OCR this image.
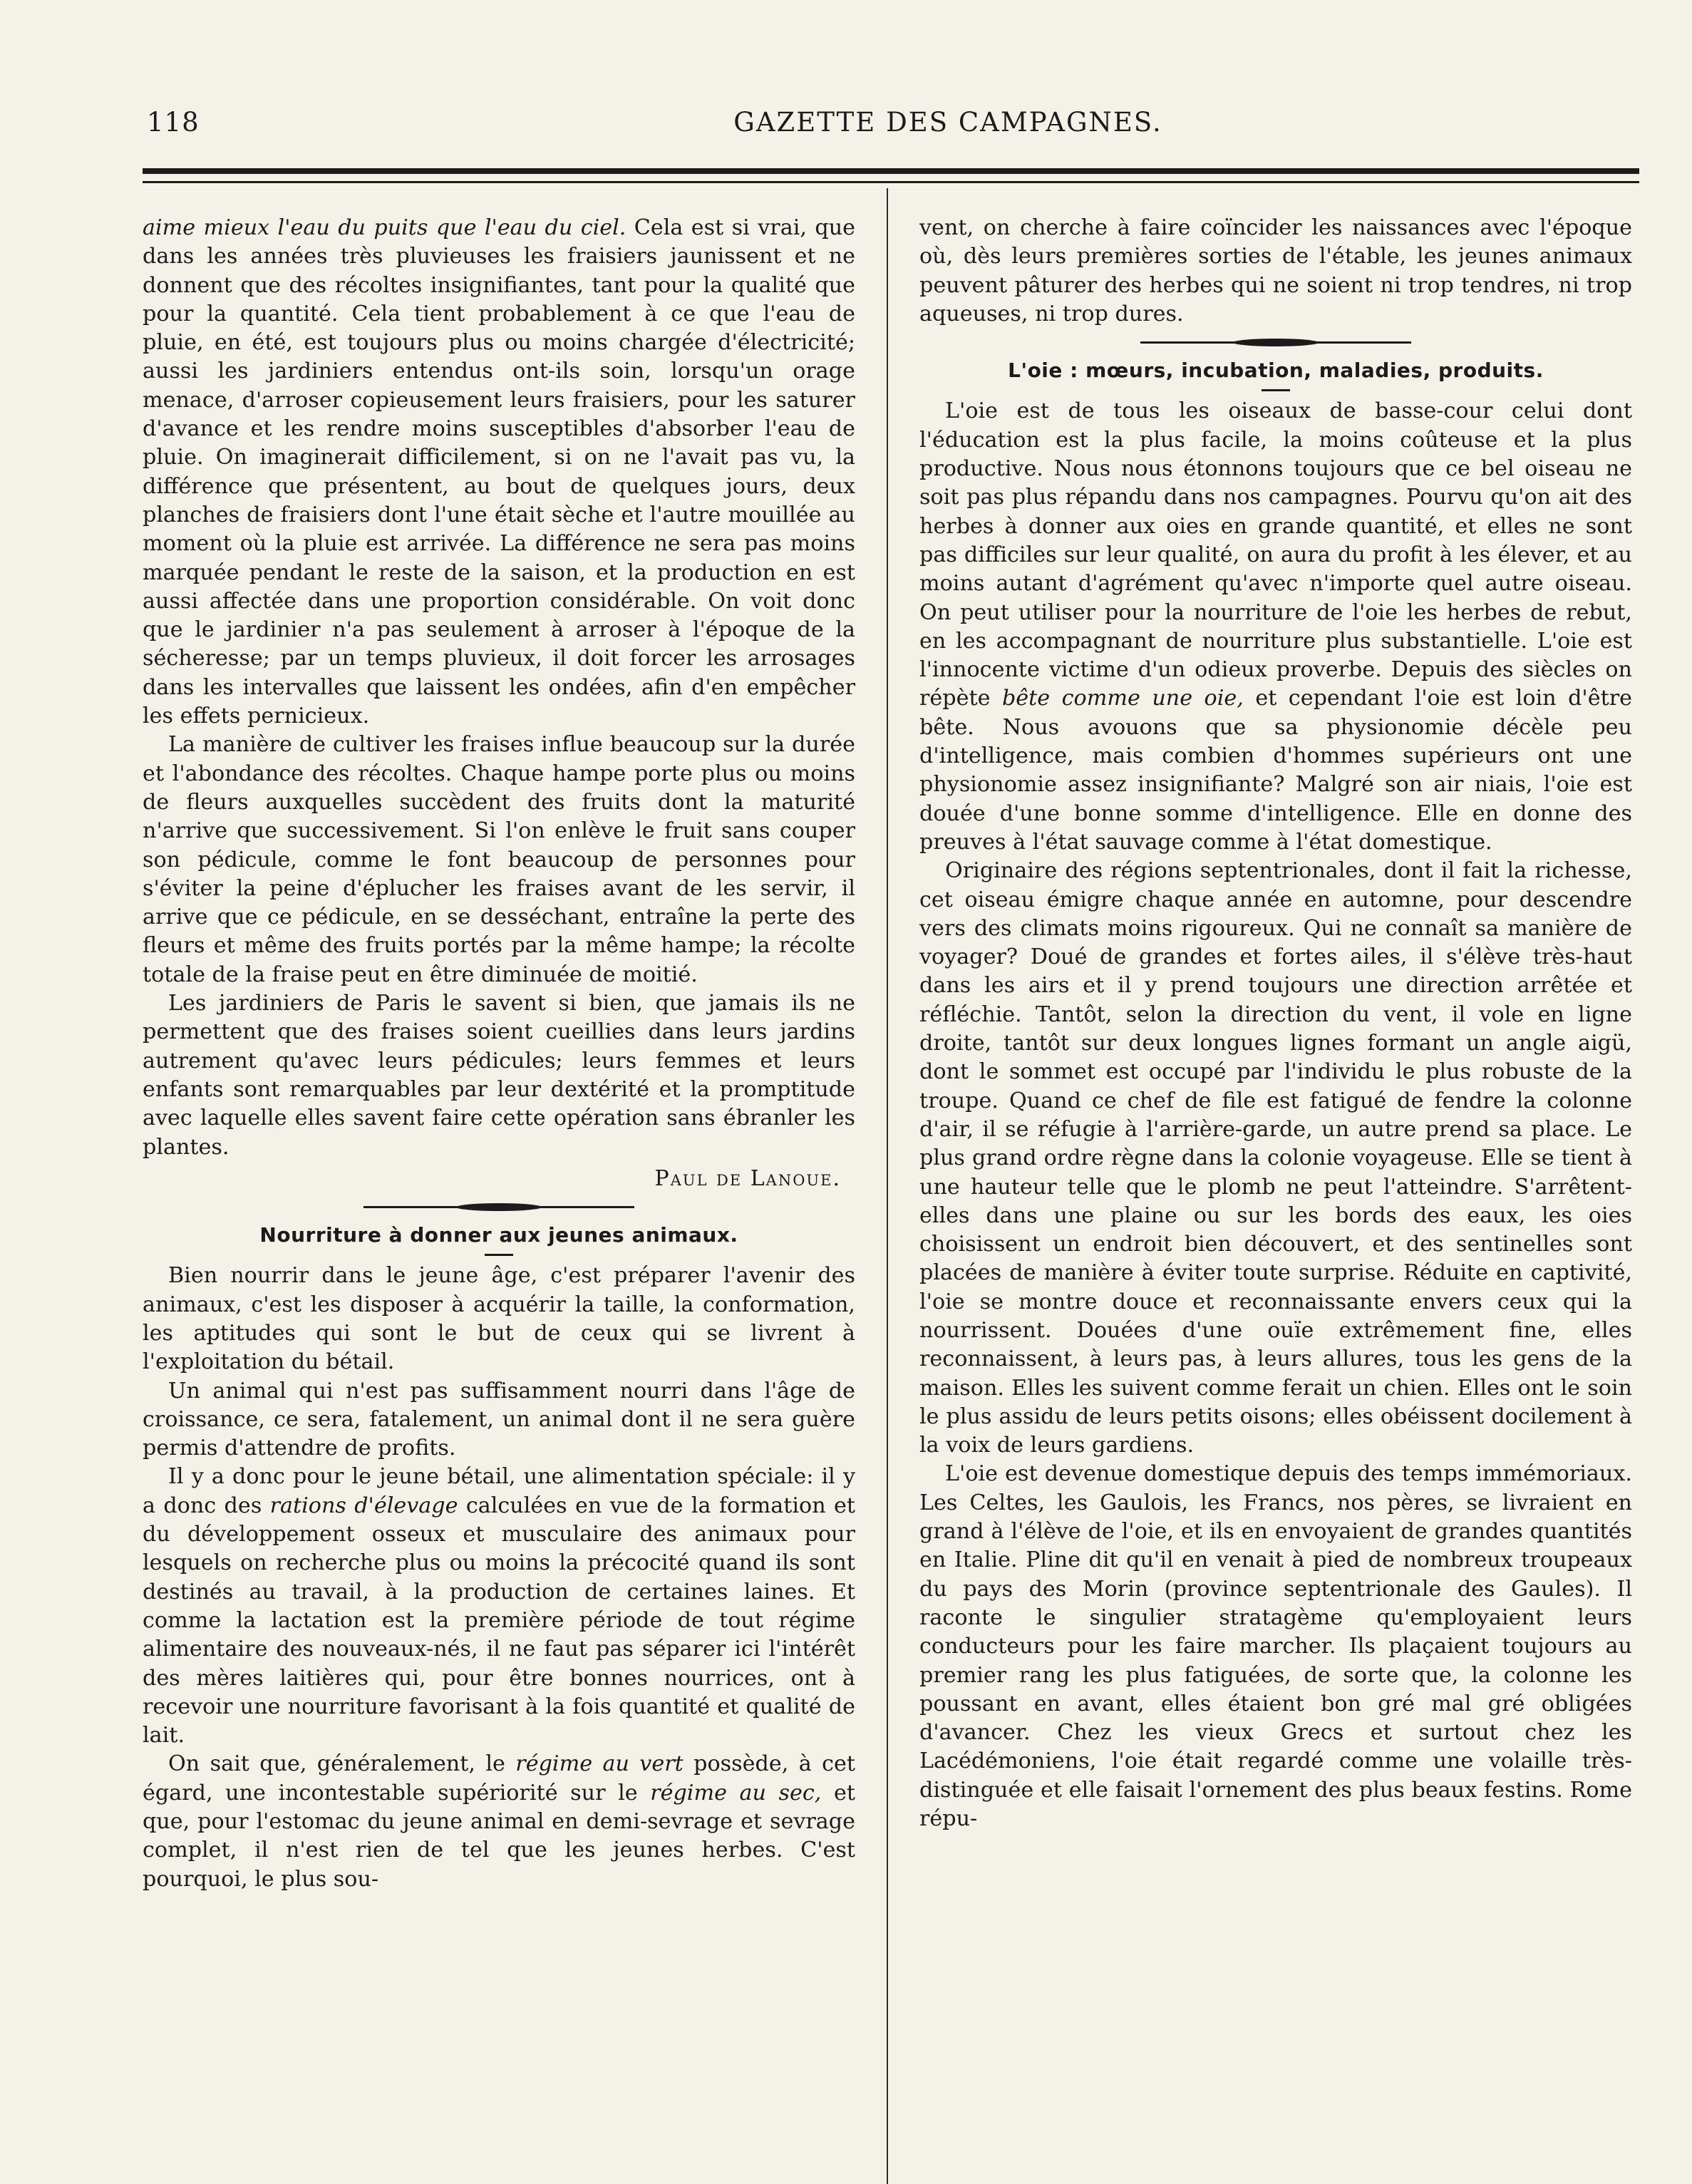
118	GAZETTE DES CAMPAGNES.

aime mieux l'eau du puits que l'eau du ciel. Cela est si vrai, que dans les années très pluvieuses les fraisiers jaunissent et ne donnent que des récoltes insignifiantes, tant pour la qualité que pour la quantité. Cela tient probablement à ce que l'eau de pluie, en été, est toujours plus ou moins chargée d'électricité; aussi les jardiniers entendus ont-ils soin, lorsqu'un orage menace, d'arroser copieusement leurs fraisiers, pour les saturer d'avance et les rendre moins susceptibles d'absorber l'eau de pluie. On imaginerait difficilement, si on ne l'avait pas vu, la différence que présentent, au bout de quelques jours, deux planches de fraisiers dont l'une était sèche et l'autre mouillée au moment où la pluie est arrivée. La différence ne sera pas moins marquée pendant le reste de la saison, et la production en est aussi affectée dans une proportion considérable. On voit donc que le jardinier n'a pas seulement à arroser à l'époque de la sécheresse; par un temps pluvieux, il doit forcer les arrosages dans les intervalles que laissent les ondées, afin d'en empêcher les effets pernicieux.

La manière de cultiver les fraises influe beaucoup sur la durée et l'abondance des récoltes. Chaque hampe porte plus ou moins de fleurs auxquelles succèdent des fruits dont la maturité n'arrive que successivement. Si l'on enlève le fruit sans couper son pédicule, comme le font beaucoup de personnes pour s'éviter la peine d'éplucher les fraises avant de les servir, il arrive que ce pédicule, en se desséchant, entraîne la perte des fleurs et même des fruits portés par la même hampe; la récolte totale de la fraise peut en être diminuée de moitié.

Les jardiniers de Paris le savent si bien, que jamais ils ne permettent que des fraises soient cueillies dans leurs jardins autrement qu'avec leurs pédicules; leurs femmes et leurs enfants sont remarquables par leur dextérité et la promptitude avec laquelle elles savent faire cette opération sans ébranler les plantes.

Paul de Lanoue.
Nourriture à donner aux jeunes animaux.

Bien nourrir dans le jeune âge, c'est préparer l'avenir des animaux, c'est les disposer à acquérir la taille, la conformation, les aptitudes qui sont le but de ceux qui se livrent à l'exploitation du bétail.

Un animal qui n'est pas suffisamment nourri dans l'âge de croissance, ce sera, fatalement, un animal dont il ne sera guère permis d'attendre de profits.

Il y a donc pour le jeune bétail, une alimentation spéciale: il y a donc des rations d'élevage calculées en vue de la formation et du développement osseux et musculaire des animaux pour lesquels on recherche plus ou moins la précocité quand ils sont destinés au travail, à la production de certaines laines. Et comme la lactation est la première période de tout régime alimentaire des nouveaux-nés, il ne faut pas séparer ici l'intérêt des mères laitières qui, pour être bonnes nourrices, ont à recevoir une nourriture favorisant à la fois quantité et qualité de lait.

On sait que, généralement, le régime au vert possède, à cet égard, une incontestable supériorité sur le régime au sec, et que, pour l'estomac du jeune animal en demi-sevrage et sevrage complet, il n'est rien de tel que les jeunes herbes. C'est pourquoi, le plus sou-

vent, on cherche à faire coïncider les naissances avec l'époque où, dès leurs premières sorties de l'étable, les jeunes animaux peuvent pâturer des herbes qui ne soient ni trop tendres, ni trop aqueuses, ni trop dures.

L'oie : mœurs, incubation, maladies, produits.

L'oie est de tous les oiseaux de basse-cour celui dont l'éducation est la plus facile, la moins coûteuse et la plus productive. Nous nous étonnons toujours que ce bel oiseau ne soit pas plus répandu dans nos campagnes. Pourvu qu'on ait des herbes à donner aux oies en grande quantité, et elles ne sont pas difficiles sur leur qualité, on aura du profit à les élever, et au moins autant d'agrément qu'avec n'importe quel autre oiseau. On peut utiliser pour la nourriture de l'oie les herbes de rebut, en les accompagnant de nourriture plus substantielle. L'oie est l'innocente victime d'un odieux proverbe. Depuis des siècles on répète bête comme une oie, et cependant l'oie est loin d'être bête. Nous avouons que sa physionomie décèle peu d'intelligence, mais combien d'hommes supérieurs ont une physionomie assez insignifiante? Malgré son air niais, l'oie est douée d'une bonne somme d'intelligence. Elle en donne des preuves à l'état sauvage comme à l'état domestique.

Originaire des régions septentrionales, dont il fait la richesse, cet oiseau émigre chaque année en automne, pour descendre vers des climats moins rigoureux. Qui ne connaît sa manière de voyager? Doué de grandes et fortes ailes, il s'élève très-haut dans les airs et il y prend toujours une direction arrêtée et réfléchie. Tantôt, selon la direction du vent, il vole en ligne droite, tantôt sur deux longues lignes formant un angle aigü, dont le sommet est occupé par l'individu le plus robuste de la troupe. Quand ce chef de file est fatigué de fendre la colonne d'air, il se réfugie à l'arrière-garde, un autre prend sa place. Le plus grand ordre règne dans la colonie voyageuse. Elle se tient à une hauteur telle que le plomb ne peut l'atteindre. S'arrêtent-elles dans une plaine ou sur les bords des eaux, les oies choisissent un endroit bien découvert, et des sentinelles sont placées de manière à éviter toute surprise. Réduite en captivité, l'oie se montre douce et reconnaissante envers ceux qui la nourrissent. Douées d'une ouïe extrêmement fine, elles reconnaissent, à leurs pas, à leurs allures, tous les gens de la maison. Elles les suivent comme ferait un chien. Elles ont le soin le plus assidu de leurs petits oisons; elles obéissent docilement à la voix de leurs gardiens.

L'oie est devenue domestique depuis des temps immémoriaux. Les Celtes, les Gaulois, les Francs, nos pères, se livraient en grand à l'élève de l'oie, et ils en envoyaient de grandes quantités en Italie. Pline dit qu'il en venait à pied de nombreux troupeaux du pays des Morin (province septentrionale des Gaules). Il raconte le singulier stratagème qu'employaient leurs conducteurs pour les faire marcher. Ils plaçaient toujours au premier rang les plus fatiguées, de sorte que, la colonne les poussant en avant, elles étaient bon gré mal gré obligées d'avancer. Chez les vieux Grecs et surtout chez les Lacédémoniens, l'oie était regardé comme une volaille très-distinguée et elle faisait l'ornement des plus beaux festins. Rome répu-
